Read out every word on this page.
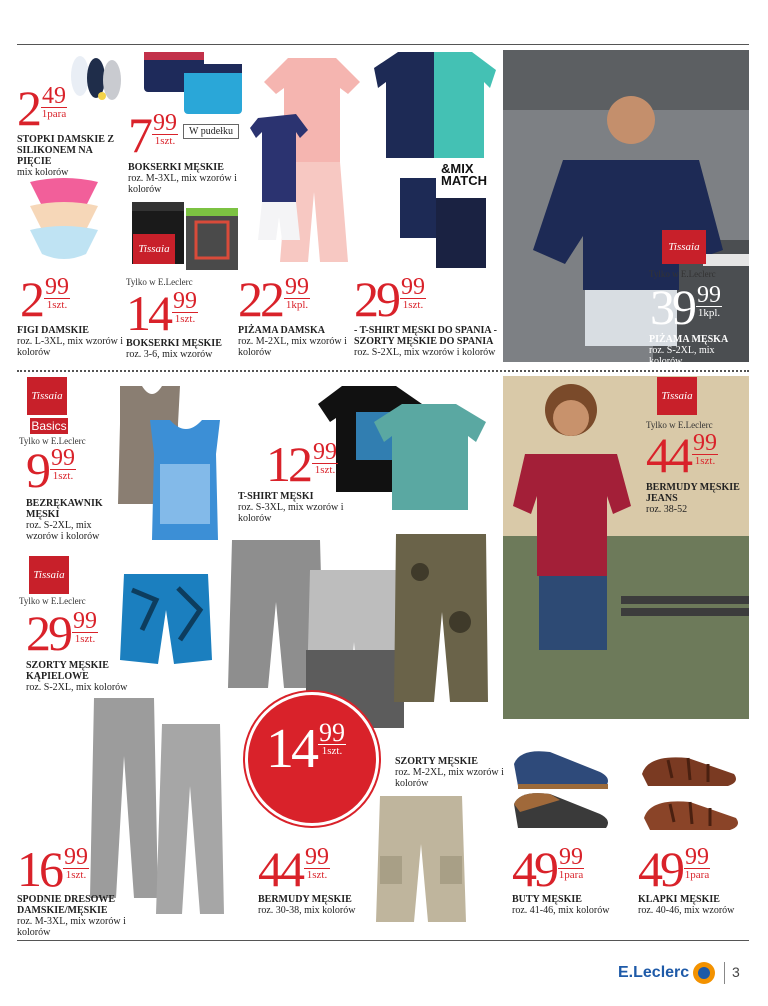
2 49
1para
STOPKI DAMSKIE Z SILIKONEM NA PIĘCIE
mix kolorów
2 99
1szt.
FIGI DAMSKIE
roz. L-3XL, mix wzorów i kolorów
7 99
1szt.
W pudełku
BOKSERKI MĘSKIE
roz. M-3XL, mix wzorów i kolorów
Tissaia
Tylko w E.Leclerc
14 99
1szt.
BOKSERKI MĘSKIE
roz. 3-6, mix wzorów
22 99
1kpl.
PIŻAMA DAMSKA
roz. M-2XL, mix wzorów i kolorów
&MIX MATCH
29 99
1szt.
- T-SHIRT MĘSKI DO SPANIA - SZORTY MĘSKIE DO SPANIA
roz. S-2XL, mix wzorów i kolorów
Tissaia
Tylko w E.Leclerc
39 99
1kpl.
PIŻAMA MĘSKA
roz. S-2XL, mix kolorów
Tissaia
Basics
Tylko w E.Leclerc
9 99
1szt.
BEZRĘKAWNIK MĘSKI
roz. S-2XL, mix wzorów i kolorów
12 99
1szt.
T-SHIRT MĘSKI
roz. S-3XL, mix wzorów i kolorów
Tissaia
Tylko w E.Leclerc
44 99
1szt.
BERMUDY MĘSKIE JEANS
roz. 38-52
Tissaia
Tylko w E.Leclerc
29 99
1szt.
SZORTY MĘSKIE KĄPIELOWE
roz. S-2XL, mix kolorów
14 99
1szt.
SZORTY MĘSKIE
roz. M-2XL, mix wzorów i kolorów
16 99
1szt.
SPODNIE DRESOWE DAMSKIE/MĘSKIE
roz. M-3XL, mix wzorów i kolorów
44 99
1szt.
BERMUDY MĘSKIE
roz. 30-38, mix kolorów
49 99
1para
BUTY MĘSKIE
roz. 41-46, mix kolorów
49 99
1para
KLAPKI MĘSKIE
roz. 40-46, mix wzorów
E.Leclerc	3
